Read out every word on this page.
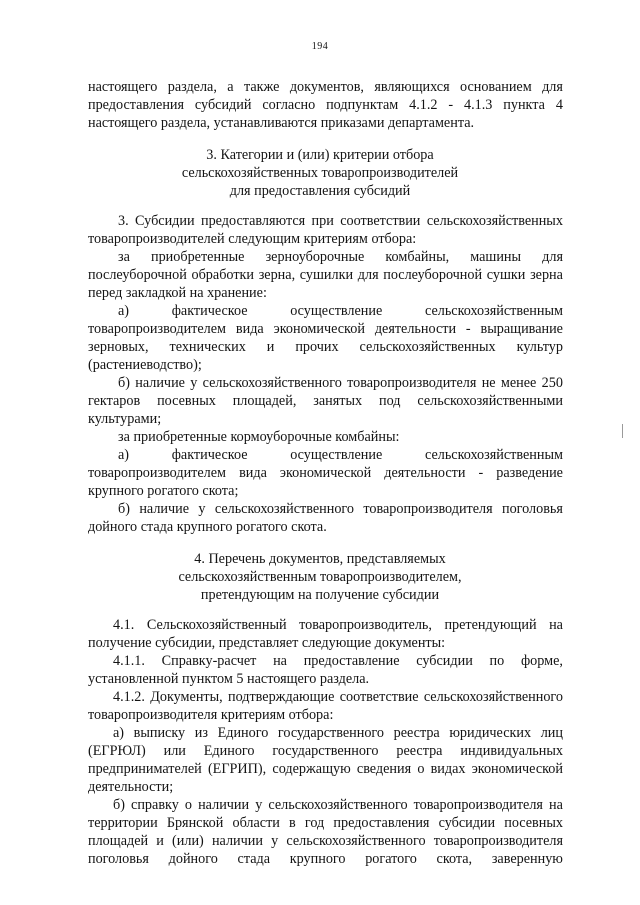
194
настоящего раздела, а также документов, являющихся основанием для
предоставления субсидий согласно подпунктам 4.1.2 - 4.1.3 пункта 4
настоящего раздела, устанавливаются приказами департамента.
3. Категории и (или) критерии отбора
сельскохозяйственных товаропроизводителей
для предоставления субсидий
3. Субсидии предоставляются при соответствии сельскохозяйственных
товаропроизводителей следующим критериям отбора:
за приобретенные зерноуборочные комбайны, машины для
послеуборочной обработки зерна, сушилки для послеуборочной сушки зерна
перед закладкой на хранение:
а)	фактическое	осуществление	сельскохозяйственным
товаропроизводителем вида экономической деятельности - выращивание
зерновых, технических и прочих сельскохозяйственных культур
(растениеводство);
б) наличие у сельскохозяйственного товаропроизводителя не менее 250
гектаров посевных площадей, занятых под сельскохозяйственными
культурами;
за приобретенные кормоуборочные комбайны:
а)	фактическое	осуществление	сельскохозяйственным
товаропроизводителем вида экономической деятельности - разведение
крупного рогатого скота;
б) наличие у сельскохозяйственного товаропроизводителя поголовья
дойного стада крупного рогатого скота.
4. Перечень документов, представляемых
сельскохозяйственным товаропроизводителем,
претендующим на получение субсидии
4.1. Сельскохозяйственный товаропроизводитель, претендующий на
получение субсидии, представляет следующие документы:
4.1.1. Справку-расчет на предоставление субсидии по форме,
установленной пунктом 5 настоящего раздела.
4.1.2. Документы, подтверждающие соответствие сельскохозяйственного
товаропроизводителя критериям отбора:
а) выписку из Единого государственного реестра юридических лиц
(ЕГРЮЛ) или Единого государственного реестра индивидуальных
предпринимателей (ЕГРИП), содержащую сведения о видах экономической
деятельности;
б) справку о наличии у сельскохозяйственного товаропроизводителя на
территории Брянской области в год предоставления субсидии посевных
площадей и (или) наличии у сельскохозяйственного товаропроизводителя
поголовья дойного стада крупного рогатого скота, заверенную
